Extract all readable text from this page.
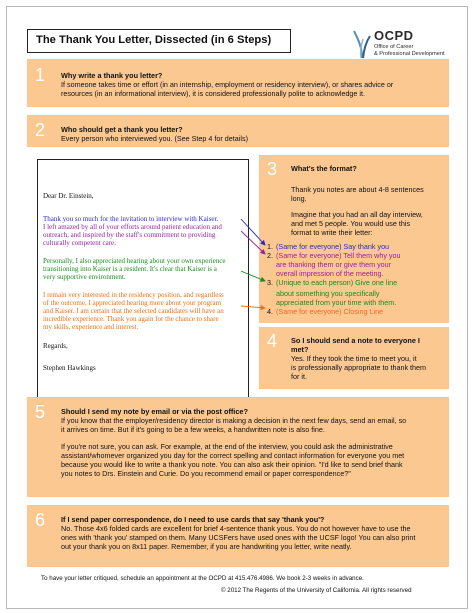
The Thank You Letter, Dissected (in 6 Steps)	OCPD
Office of Career
& Professional Development
1 Why write a thank you letter?
If someone takes time or effort (in an internship, employment or residency interview), or shares advice or
resources (in an informational interview), it is considered professionally polite to acknowledge it.
2 Who should get a thank you letter?
Every person who interviewed you. (See Step 4 for details)
Dear Dr. Einstein,
Thank you so much for the invitation to interview with Kaiser.
I left amazed by all of your efforts around patient education and
outreach, and inspired by the staff's commitment to providing
culturally competent care.
Personally, I also appreciated hearing about your own experience
transitioning into Kaiser is a resident. It's clear that Kaiser is a
very supportive environment.
I remain very interested in the residency position, and regardless
of the outcome, I appreciated hearing more about your program
and Kaiser. I am certain that the selected candidates will have an
incredible experience. Thank you again for the chance to share
my skills, experience and interest.
Regards,
Stephen Hawkings
3 What's the format?
Thank you notes are about 4-8 sentences
long.
Imagine that you had an all day interview,
and met 5 people. You would use this
format to write their letter:
1. (Same for everyone) Say thank you
2. (Same for everyone) Tell them why you
are thanking them or give them your
overall impression of the meeting.
3. (Unique to each person) Give one line
about something you specifically
appreciated from your time with them.
4. (Same for everyone) Closing Line
4 So I should send a note to everyone I
met?
Yes. If they took the time to meet you, it
is professionally appropriate to thank them
for it.
5 Should I send my note by email or via the post office?
If you know that the employer/residency director is making a decision in the next few days, send an email, so
it arrives on time. But if it's going to be a few weeks, a handwritten note is also fine.
If you're not sure, you can ask. For example, at the end of the interview, you could ask the administrative
assistant/whomever organized you day for the correct spelling and contact information for everyone you met
because you would like to write a thank you note. You can also ask their opinion. "I'd like to send brief thank
you notes to Drs. Einstein and Curie. Do you recommend email or paper correspondence?"
6 If I send paper correspondence, do I need to use cards that say 'thank you'?
No. Those 4x6 folded cards are excellent for brief 4-sentence thank yous. You do not however have to use the
ones with 'thank you' stamped on them. Many UCSFers have used ones with the UCSF logo! You can also print
out your thank you on 8x11 paper. Remember, if you are handwriting you letter, write neatly.
To have your letter critiqued, schedule an appointment at the OCPD at 415.476.4986. We book 2-3 weeks in advance.
© 2012 The Regents of the University of California. All rights reserved
